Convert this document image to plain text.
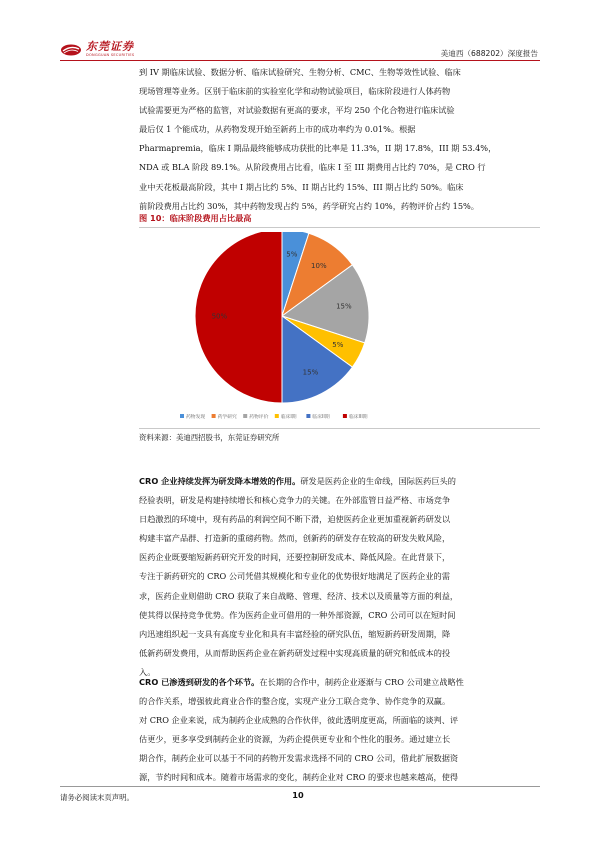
东莞证券
DONGGUAN SECURITIES	美迪西（688202）深度报告
到 IV 期临床试验、数据分析、临床试验研究、生物分析、CMC、生物等效性试验、临床
现场管理等业务。区别于临床前的实验室化学和动物试验项目，临床阶段进行人体药物
试验需要更为严格的监管，对试验数据有更高的要求，平均 250 个化合物进行临床试验
最后仅 1 个能成功，从药物发现开始至新药上市的成功率约为 0.01%。根据
Pharmapremia，临床 I 期品最终能够成功获批的比率是 11.3%，II 期 17.8%，III 期 53.4%，
NDA 或 BLA 阶段 89.1%。从阶段费用占比看，临床 I 至 III 期费用占比约 70%，是 CRO 行
业中天花板最高阶段，其中 I 期占比约 5%、II 期占比约 15%、III 期占比约 50%。临床
前阶段费用占比约 30%，其中药物发现占约 5%，药学研究占约 10%，药物评价占约 15%。
图 10：临床阶段费用占比最高
5%
10%
15%
5%
15%
50%
药物发现	药学研究	药物评价	临床I期	临床II期	临床III期
资料来源：美迪西招股书，东莞证券研究所
CRO 企业持续发挥为研发降本增效的作用。研发是医药企业的生命线，国际医药巨头的
经验表明，研发是构建持续增长和核心竞争力的关键。在外部监管日益严格、市场竞争
日趋激烈的环境中，现有药品的利润空间不断下滑，迫使医药企业更加重视新药研发以
构建丰富产品群、打造新的重磅药物。然而，创新药的研发存在较高的研发失败风险，
医药企业既要缩短新药研究开发的时间，还要控制研发成本、降低风险。在此背景下，
专注于新药研究的 CRO 公司凭借其规模化和专业化的优势很好地满足了医药企业的需
求，医药企业则借助 CRO 获取了来自战略、管理、经济、技术以及质量等方面的利益，
使其得以保持竞争优势。作为医药企业可借用的一种外部资源，CRO 公司可以在短时间
内迅速组织起一支具有高度专业化和具有丰富经验的研究队伍，缩短新药研发周期，降
低新药研发费用，从而帮助医药企业在新药研发过程中实现高质量的研究和低成本的投
入。
CRO 已渗透到研发的各个环节。在长期的合作中，制药企业逐渐与 CRO 公司建立战略性
的合作关系，增强彼此商业合作的整合度，实现产业分工联合竞争、协作竞争的双赢。
对 CRO 企业来说，成为制药企业成熟的合作伙伴，彼此透明度更高，所面临的谈判、评
估更少，更多享受到制药企业的资源，为药企提供更专业和个性化的服务。通过建立长
期合作，制药企业可以基于不同的药物开发需求选择不同的 CRO 公司，借此扩展数据资
源，节约时间和成本。随着市场需求的变化，制药企业对 CRO 的要求也越来越高，使得
请务必阅读末页声明。	10
